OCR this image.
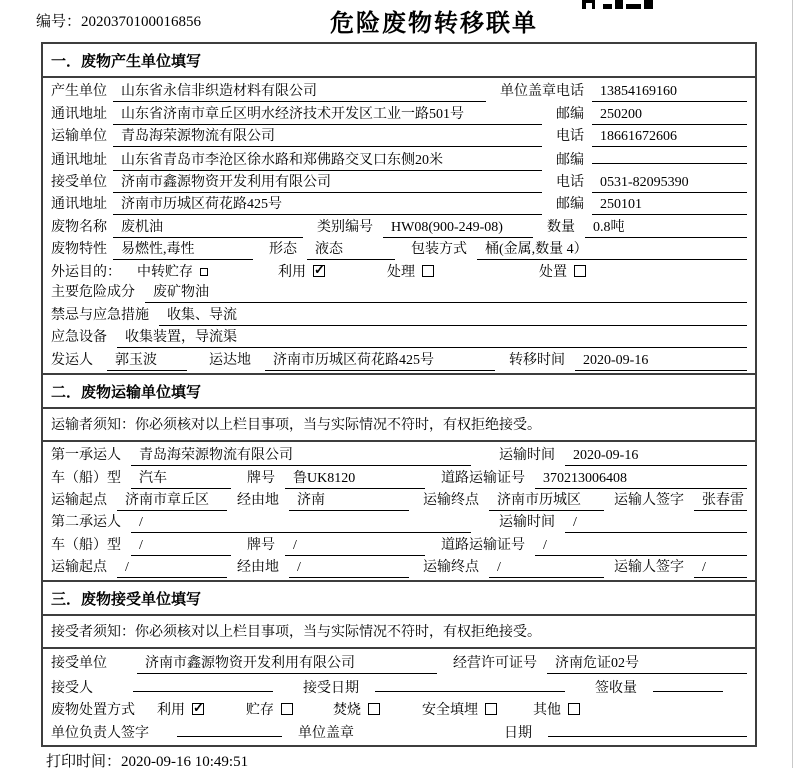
编号：2020370100016856	危险废物转移联单
一．废物产生单位填写
产生单位	山东省永信非织造材料有限公司	单位盖章 电话	13854169160
通讯地址	山东省济南市章丘区明水经济技术开发区工业一路501号	邮编	250200
运输单位	青岛海荣源物流有限公司	电话	18661672606
通讯地址	山东省青岛市李沧区徐水路和郑佛路交叉口东侧20米	邮编
接受单位	济南市鑫源物资开发利用有限公司	电话	0531-82095390
通讯地址	济南市历城区荷花路425号	邮编	250101
废物名称	废机油	类别编号	HW08(900-249-08)	数量	0.8吨
废物特性	易燃性,毒性	形态	液态	包装方式	桶(金属,数量 4）
外运目的： 中转贮存	利用 ✓	处理	处置
主要危险成分	废矿物油
禁忌与应急措施	收集、导流
应急设备	收集装置，导流渠
发运人	郭玉波	运达地	济南市历城区荷花路425号	转移时间	2020-09-16
二．废物运输单位填写
运输者须知：你必须核对以上栏目事项，当与实际情况不符时，有权拒绝接受。
第一承运人	青岛海荣源物流有限公司	运输时间	2020-09-16
车（船）型	汽车	牌号	鲁UK8120	道路运输证号	370213006408
运输起点	济南市章丘区	经由地	济南	运输终点	济南市历城区	运输人签字	张春雷
第二承运人	/	运输时间	/
车（船）型	/	牌号	/	道路运输证号	/
运输起点	/	经由地	/	运输终点	/	运输人签字	/
三．废物接受单位填写
接受者须知：你必须核对以上栏目事项，当与实际情况不符时，有权拒绝接受。
接受单位	济南市鑫源物资开发利用有限公司	经营许可证号	济南危证02号
接受人	接受日期	签收量
废物处置方式 利用 ✓	贮存	焚烧	安全填埋	其他
单位负责人签字	单位盖章	日期
打印时间：2020-09-16 10:49:51
